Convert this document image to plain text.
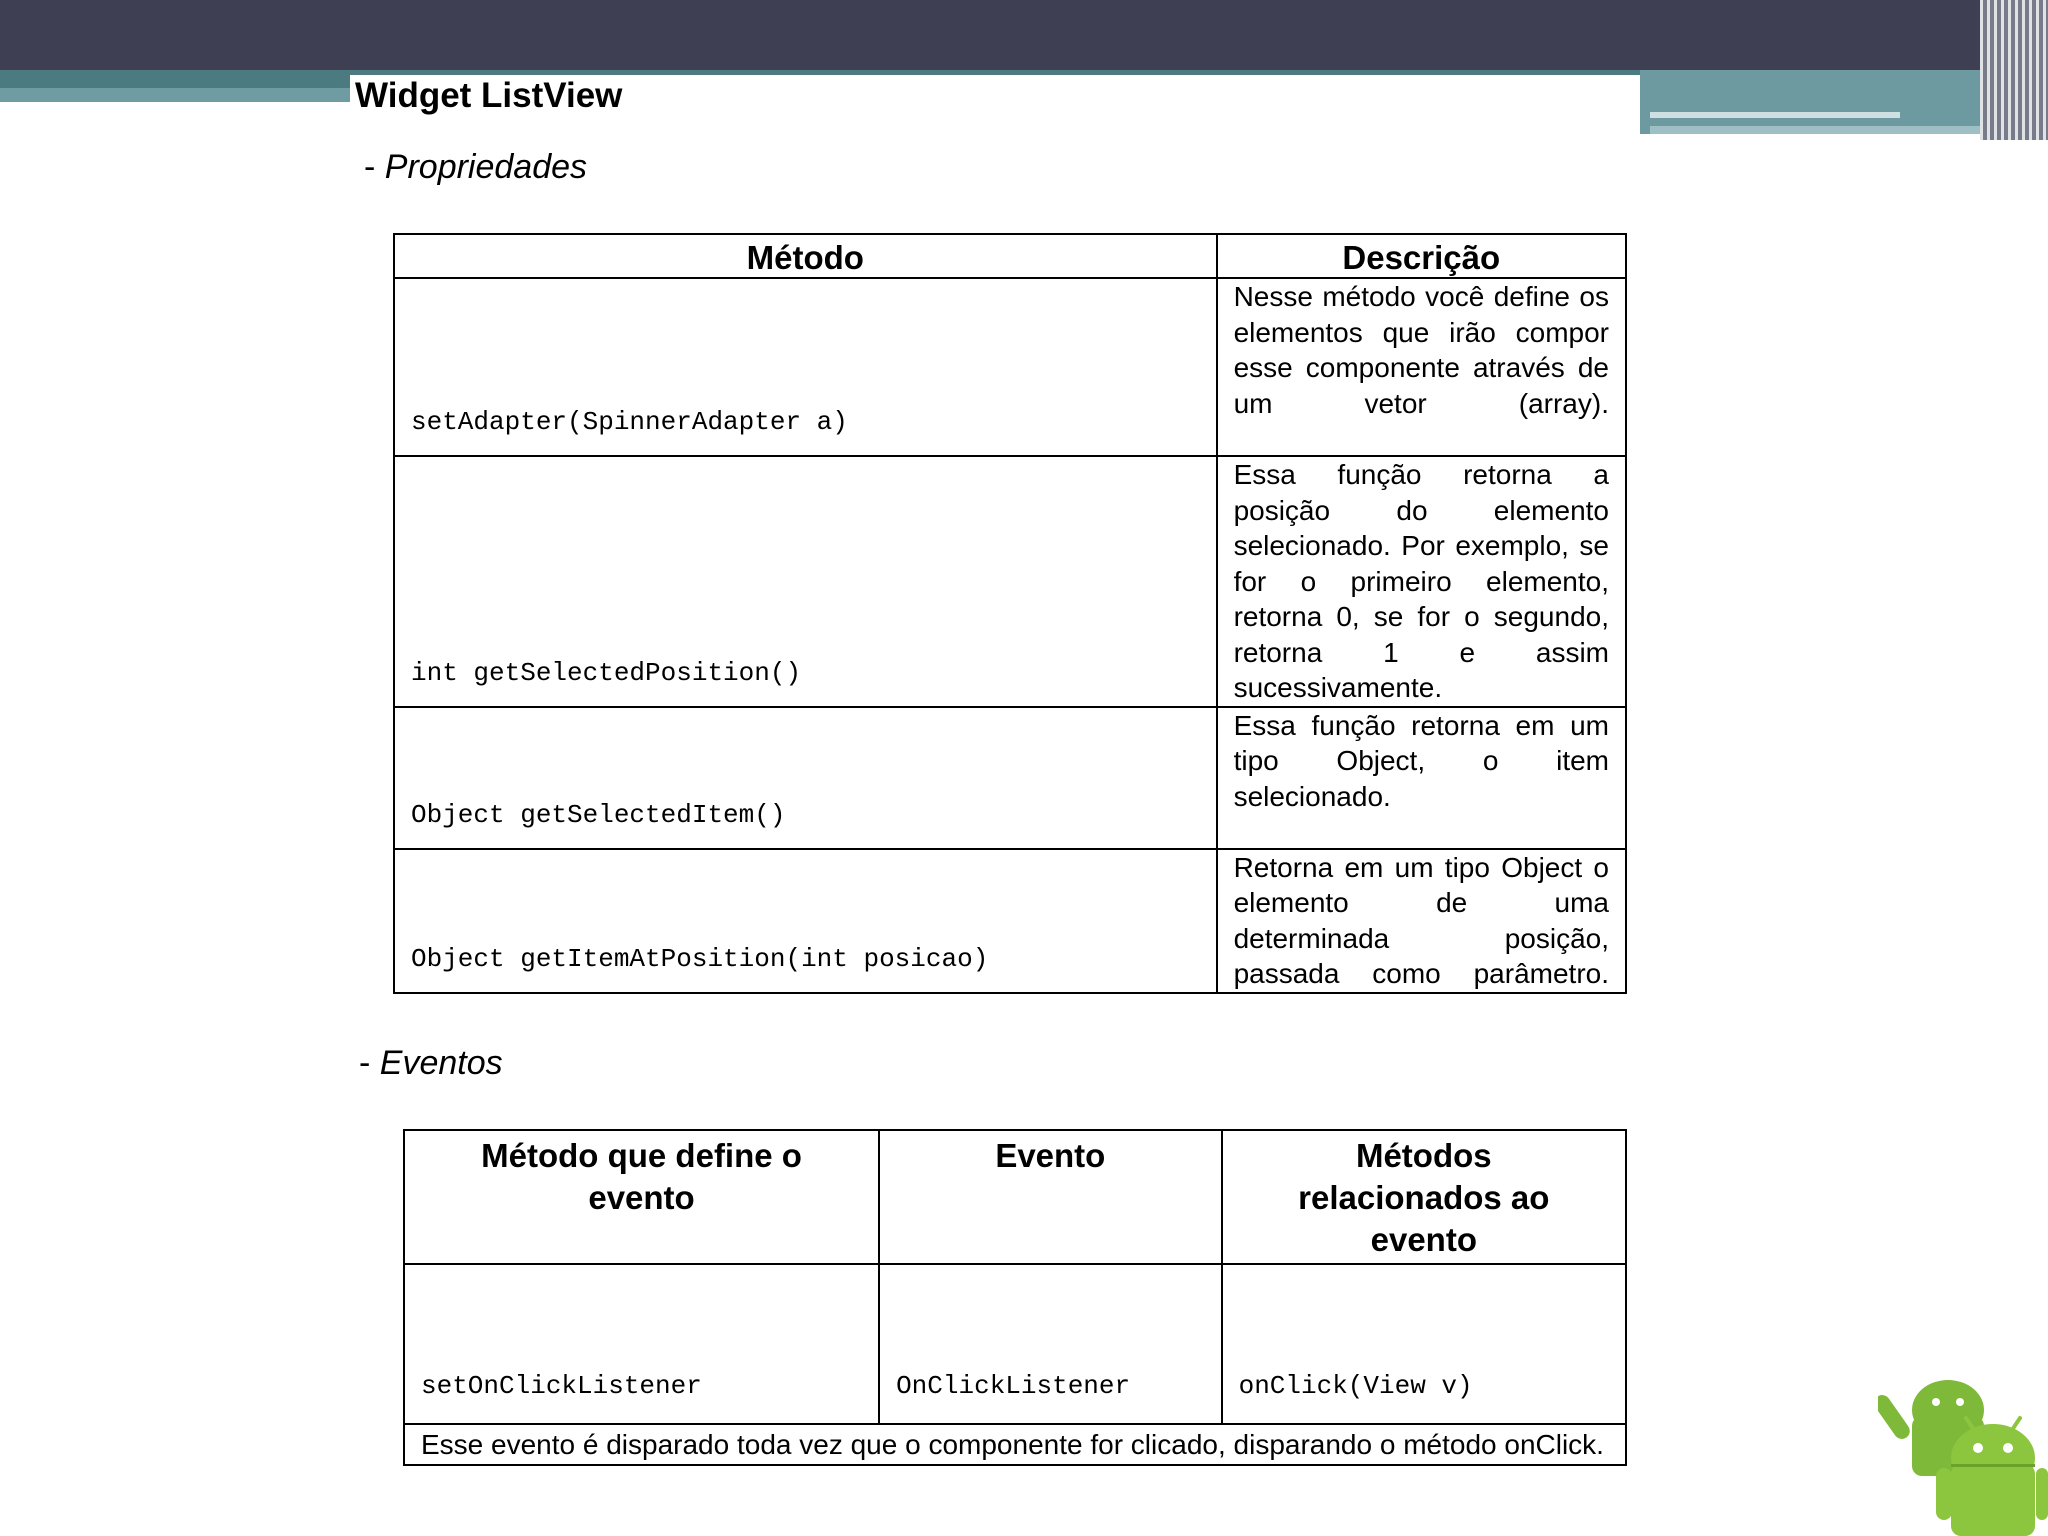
Widget ListView
- Propriedades
Método	Descrição
setAdapter(SpinnerAdapter a)	Nesse método você define os elementos que irão compor esse componente através de um vetor (array).
int getSelectedPosition()	Essa função retorna a posição do elemento selecionado. Por exemplo, se for o primeiro elemento, retorna 0, se for o segundo, retorna 1 e assim sucessivamente.
Object getSelectedItem()	Essa função retorna em um tipo Object, o item selecionado.
Object getItemAtPosition(int posicao)	Retorna em um tipo Object o elemento de uma determinada posição, passada como parâmetro.
- Eventos
Método que define o evento	Evento	Métodos relacionados ao evento
setOnClickListener	OnClickListener	onClick(View v)
Esse evento é disparado toda vez que o componente for clicado, disparando o método onClick.		
